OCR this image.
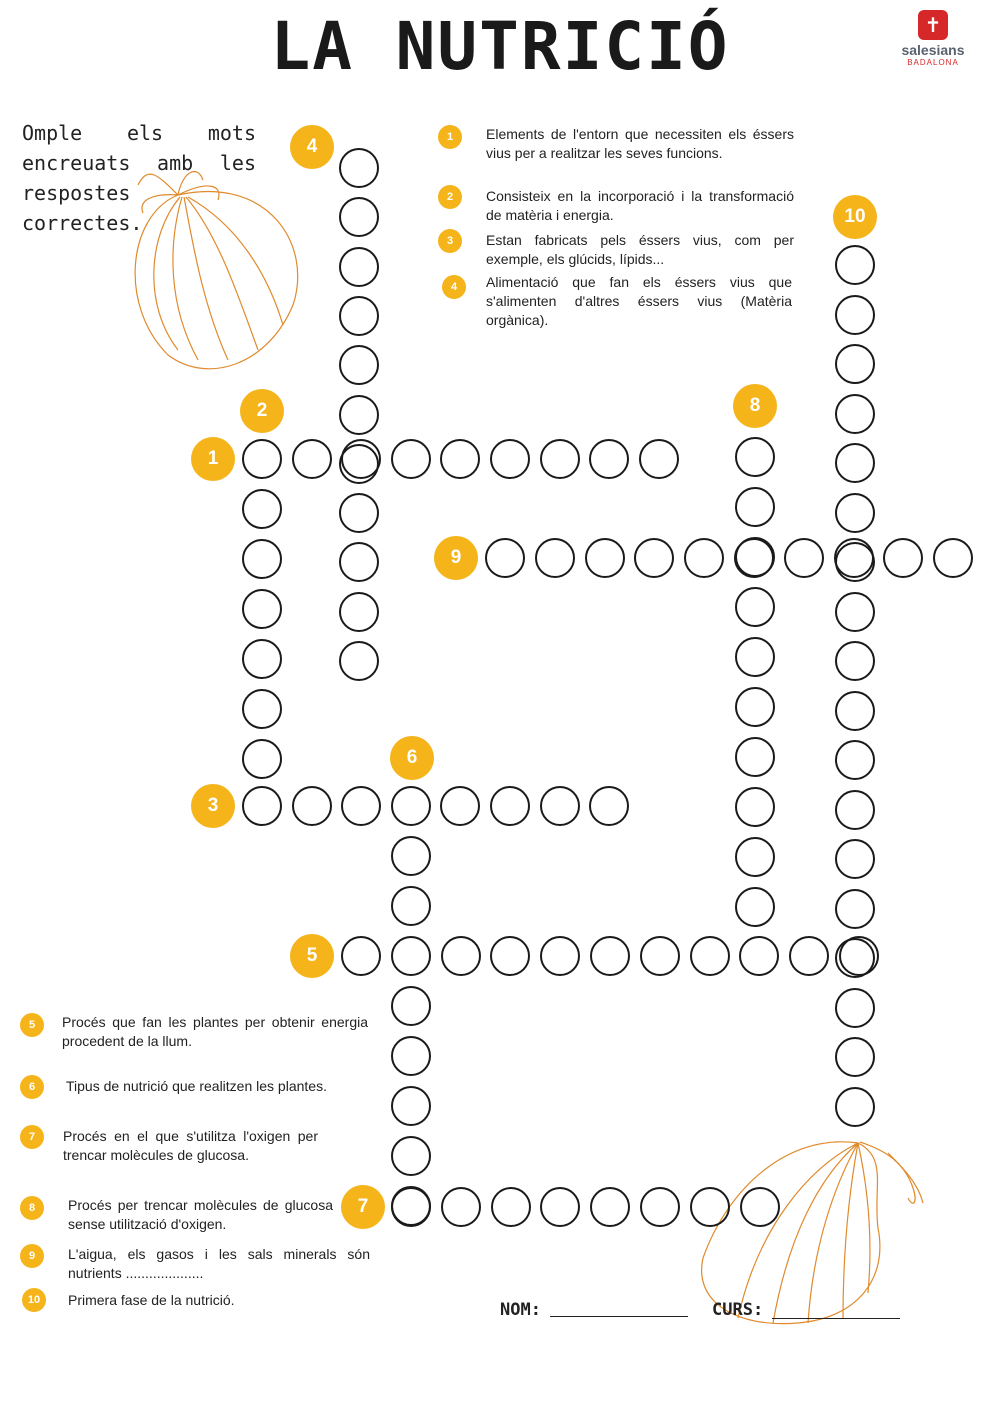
LA NUTRICIÓ	✝
salesians
BADALONA
Omple els mots encreuats amb les respostes correctes.
1	Elements de l'entorn que necessiten els éssers vius per a realitzar les seves funcions.
2	Consisteix en la incorporació i la transformació de matèria i energia.
3	Estan fabricats pels éssers vius, com per exemple, els glúcids, lípids...
4	Alimentació que fan els éssers vius que s'alimenten d'altres éssers vius (Matèria orgànica).
5	Procés que fan les plantes per obtenir energia procedent de la llum.
6	Tipus de nutrició que realitzen les plantes.
7	Procés en el que s'utilitza l'oxigen per trencar molècules de glucosa.
8	Procés per trencar molècules de glucosa sense utilització d'oxigen.
9	L'aigua, els gasos i les sals minerals són nutrients ....................
10	Primera fase de la nutrició.
1
2
3
4
5
6
7
8
9
10
NOM:	CURS:
